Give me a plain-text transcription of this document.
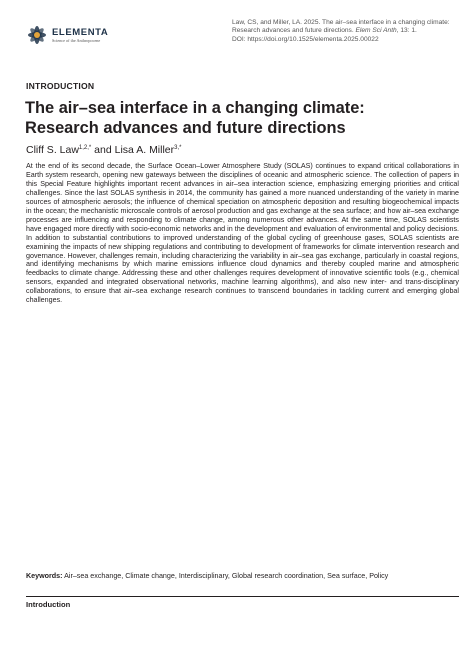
ELEMENTA
Science of the Anthropocene
Law, CS, and Miller, LA. 2025. The air–sea interface in a changing climate:
Research advances and future directions. Elem Sci Anth, 13: 1.
DOI: https://doi.org/10.1525/elementa.2025.00022
INTRODUCTION
The air–sea interface in a changing climate:
Research advances and future directions
Cliff S. Law$^{1,2,*}$ and Lisa A. Miller$^{3,*}$

At the end of its second decade, the Surface Ocean–Lower Atmosphere Study (SOLAS) continues to expand critical collaborations in Earth system research, opening new gateways between the disciplines of oceanic and atmospheric science. The collection of papers in this Special Feature highlights important recent advances in air–sea interaction science, emphasizing emerging priorities and critical challenges. Since the last SOLAS synthesis in 2014, the community has gained a more nuanced understanding of the variety in marine sources of atmospheric aerosols; the influence of chemical speciation on atmospheric deposition and resulting biogeochemical impacts in the ocean; the mechanistic microscale controls of aerosol production and gas exchange at the sea surface; and how air–sea exchange processes are influencing and responding to climate change, among numerous other advances. At the same time, SOLAS scientists have engaged more directly with socio-economic networks and in the development and evaluation of environmental and policy decisions. In addition to substantial contributions to improved understanding of the global cycling of greenhouse gases, SOLAS scientists are examining the impacts of new shipping regulations and contributing to development of frameworks for climate intervention research and governance. However, challenges remain, including characterizing the variability in air–sea gas exchange, particularly in coastal regions, and identifying mechanisms by which marine emissions influence cloud dynamics and thereby coupled marine and atmospheric feedbacks to climate change. Addressing these and other challenges requires development of innovative scientific tools (e.g., chemical sensors, expanded and integrated observational networks, machine learning algorithms), and also new inter- and trans-disciplinary collaborations, to ensure that air–sea exchange research continues to transcend boundaries in tackling current and emerging global challenges.

Keywords: Air–sea exchange, Climate change, Interdisciplinary, Global research coordination, Sea surface, Policy
Introduction
